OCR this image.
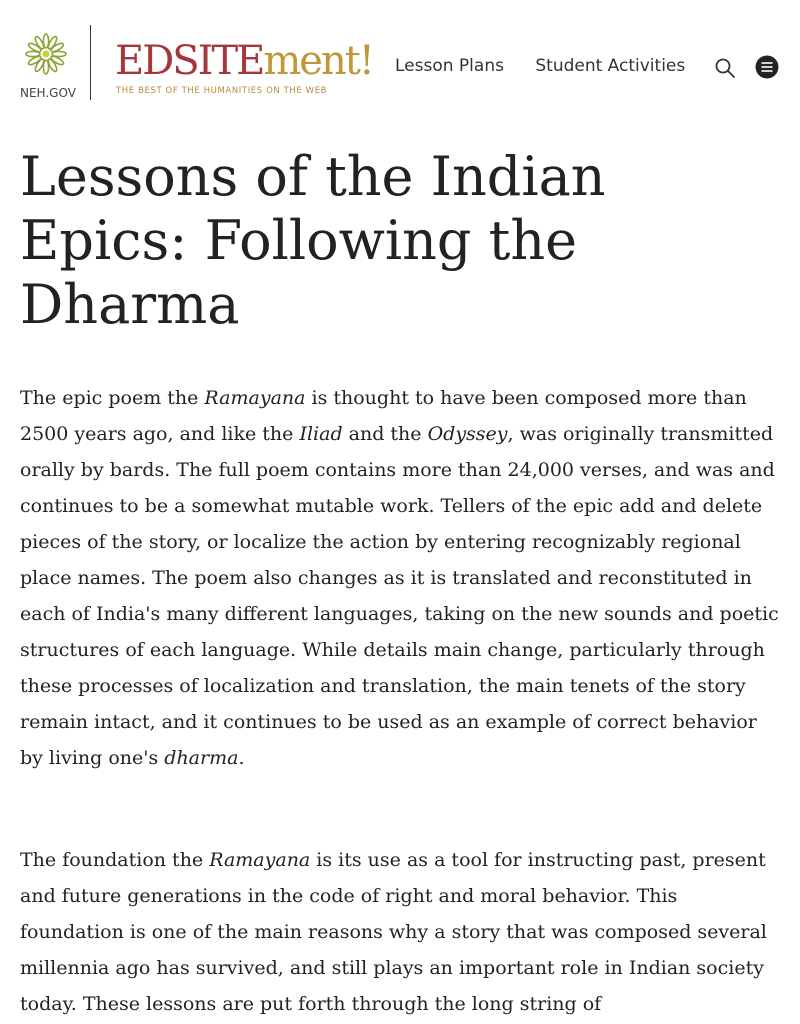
NEH.GOV
EDSITEment!
THE BEST OF THE HUMANITIES ON THE WEB
Lesson Plans Student Activities
Lessons of the Indian Epics: Following the Dharma

The epic poem the Ramayana is thought to have been composed more than 2500 years ago, and like the Iliad and the Odyssey, was originally transmitted orally by bards. The full poem contains more than 24,000 verses, and was and continues to be a somewhat mutable work. Tellers of the epic add and delete pieces of the story, or localize the action by entering recognizably regional place names. The poem also changes as it is translated and reconstituted in each of India's many different languages, taking on the new sounds and poetic structures of each language. While details main change, particularly through these processes of localization and translation, the main tenets of the story remain intact, and it continues to be used as an example of correct behavior by living one's dharma.

The foundation the Ramayana is its use as a tool for instructing past, present and future generations in the code of right and moral behavior. This foundation is one of the main reasons why a story that was composed several millennia ago has survived, and still plays an important role in Indian society today. These lessons are put forth through the long string of
